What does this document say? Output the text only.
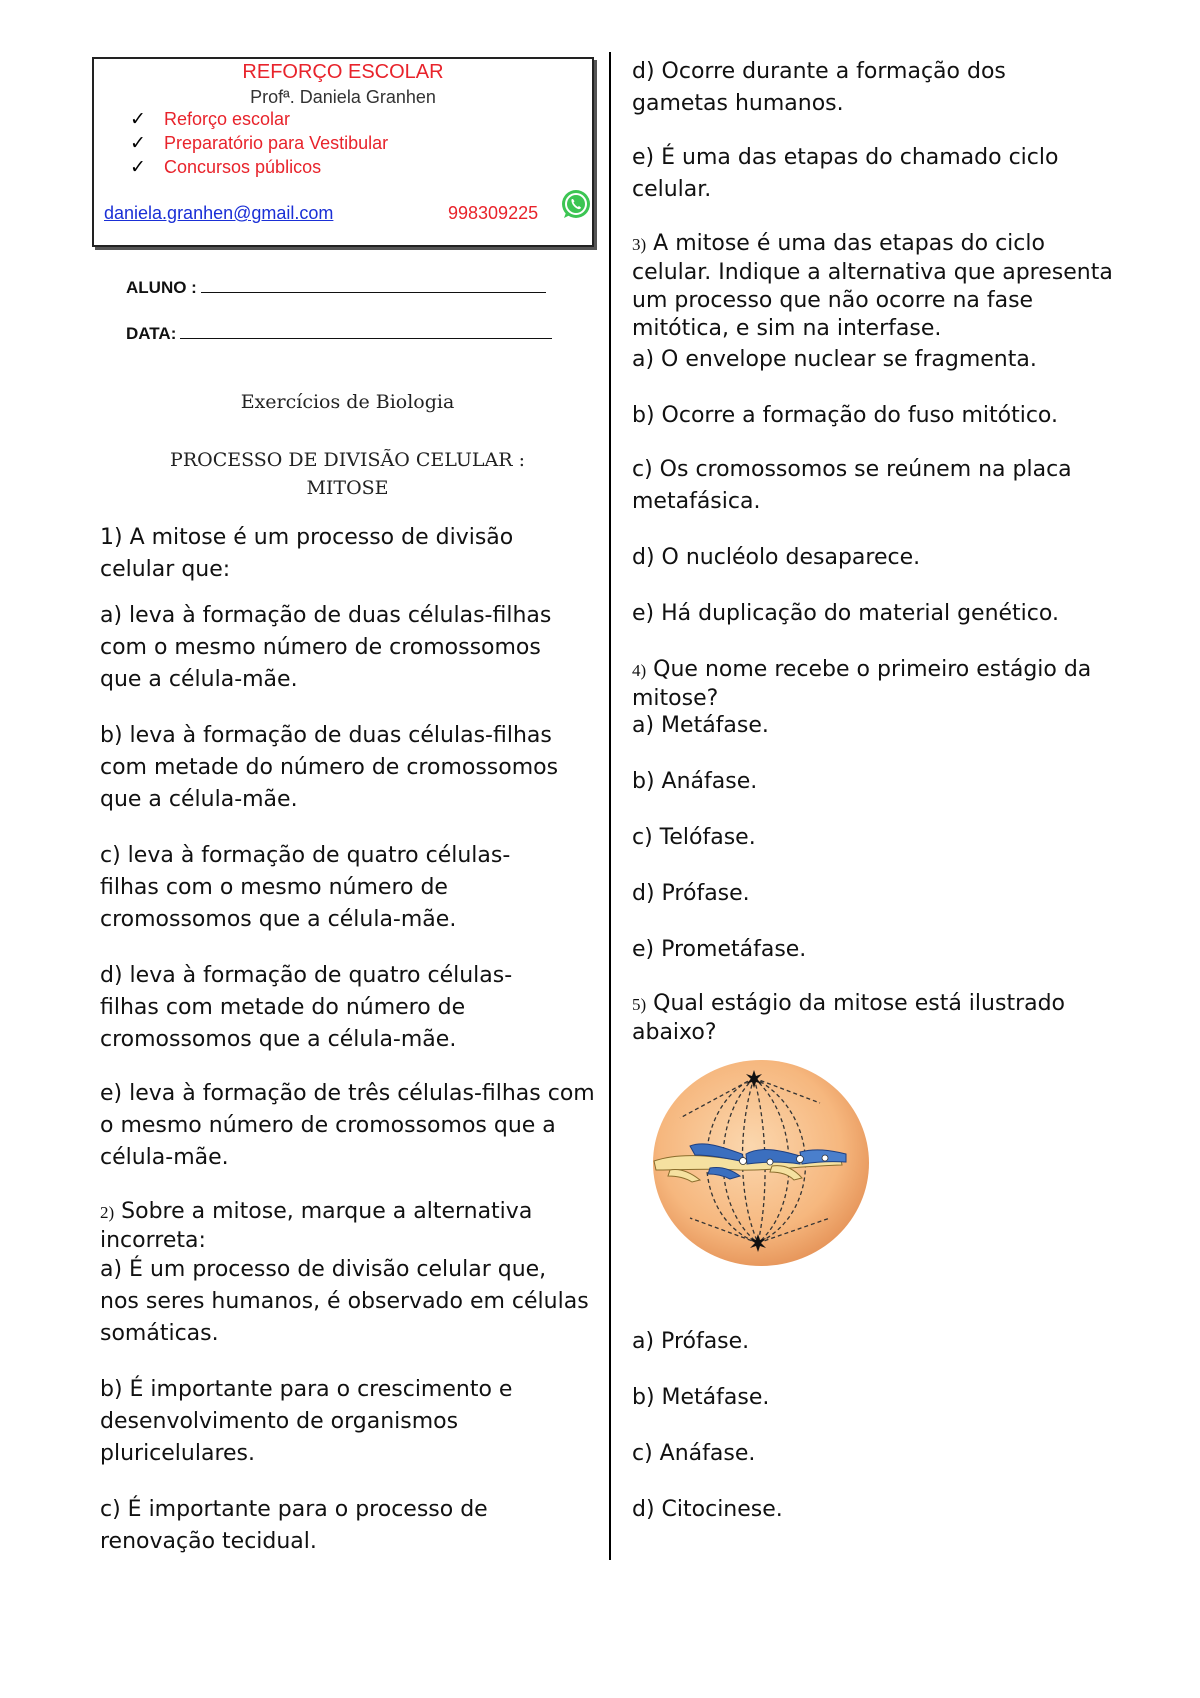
REFORÇO ESCOLAR
Profª. Daniela Granhen
✓ Reforço escolar
✓ Preparatório para Vestibular
✓ Concursos públicos
daniela.granhen@gmail.com	998309225
ALUNO :
DATA:
Exercícios de Biologia
PROCESSO DE DIVISÃO CELULAR :
MITOSE
1) A mitose é um processo de divisão celular que:
a) leva à formação de duas células-filhas com o mesmo número de cromossomos que a célula-mãe.
b) leva à formação de duas células-filhas com metade do número de cromossomos que a célula-mãe.
c) leva à formação de quatro células-filhas com o mesmo número de cromossomos que a célula-mãe.
d) leva à formação de quatro células-filhas com metade do número de cromossomos que a célula-mãe.
e) leva à formação de três células-filhas com o mesmo número de cromossomos que a célula-mãe.
2) Sobre a mitose, marque a alternativa incorreta:
a) É um processo de divisão celular que, nos seres humanos, é observado em células somáticas.
b) É importante para o crescimento e desenvolvimento de organismos pluricelulares.
c) É importante para o processo de renovação tecidual.
d) Ocorre durante a formação dos gametas humanos.
e) É uma das etapas do chamado ciclo celular.
3) A mitose é uma das etapas do ciclo celular. Indique a alternativa que apresenta um processo que não ocorre na fase mitótica, e sim na interfase.
a) O envelope nuclear se fragmenta.
b) Ocorre a formação do fuso mitótico.
c) Os cromossomos se reúnem na placa metafásica.
d) O nucléolo desaparece.
e) Há duplicação do material genético.
4) Que nome recebe o primeiro estágio da mitose?
a) Metáfase.
b) Anáfase.
c) Telófase.
d) Prófase.
e) Prometáfase.
5) Qual estágio da mitose está ilustrado abaixo?
a) Prófase.
b) Metáfase.
c) Anáfase.
d) Citocinese.
